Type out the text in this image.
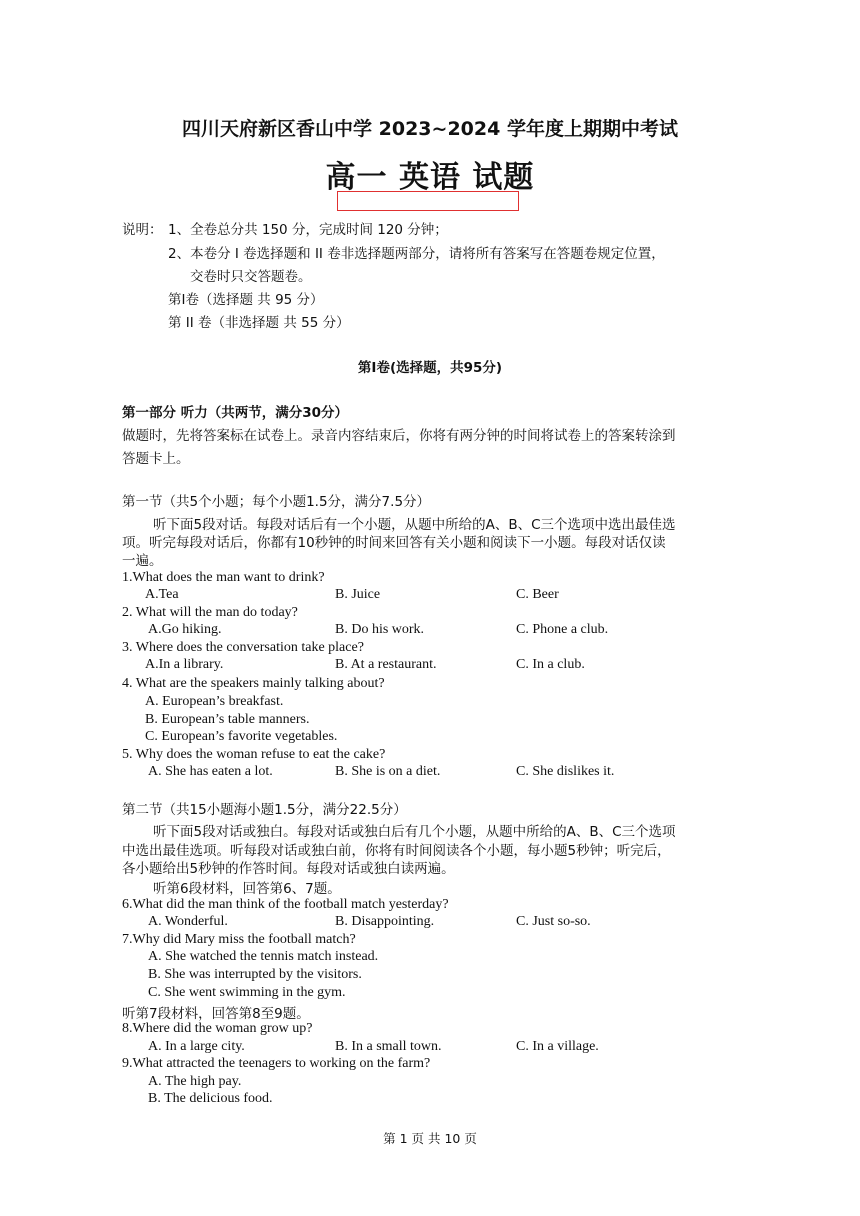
四川天府新区香山中学 2023~2024 学年度上期期中考试
高一 英语 试题
说明： 1、全卷总分共 150 分，完成时间 120 分钟；
2、本卷分 Ⅰ 卷选择题和 II 卷非选择题两部分，请将所有答案写在答题卷规定位置，
交卷时只交答题卷。
第Ⅰ卷（选择题 共 95 分）
第 II 卷（非选择题 共 55 分）
第Ⅰ卷(选择题，共95分)
第一部分 听力（共两节，满分30分）
做题时，先将答案标在试卷上。录音内容结束后，你将有两分钟的时间将试卷上的答案转涂到
答题卡上。
第一节（共5个小题；每个小题1.5分，满分7.5分）
听下面5段对话。每段对话后有一个小题，从题中所给的A、B、C三个选项中选出最佳选
项。听完每段对话后，你都有10秒钟的时间来回答有关小题和阅读下一小题。每段对话仅读
一遍。
1.What does the man want to drink?
A.Tea	B. Juice	C. Beer
2. What will the man do today?
A.Go hiking.	B. Do his work.	C. Phone a club.
3. Where does the conversation take place?
A.In a library.	B. At a restaurant.	C. In a club.
4. What are the speakers mainly talking about?
A. European’s breakfast.
B. European’s table manners.
C. European’s favorite vegetables.
5. Why does the woman refuse to eat the cake?
A. She has eaten a lot.	B. She is on a diet.	C. She dislikes it.
第二节（共15小题海小题1.5分，满分22.5分）
听下面5段对话或独白。每段对话或独白后有几个小题，从题中所给的A、B、C三个选项
中选出最佳选项。听每段对话或独白前，你将有时间阅读各个小题，每小题5秒钟；听完后，
各小题给出5秒钟的作答时间。每段对话或独白读两遍。
听第6段材料，回答第6、7题。
6.What did the man think of the football match yesterday?
A. Wonderful.	B. Disappointing.	C. Just so-so.
7.Why did Mary miss the football match?
A. She watched the tennis match instead.
B. She was interrupted by the visitors.
C. She went swimming in the gym.
听第7段材料，回答第8至9题。
8.Where did the woman grow up?
A. In a large city.	B. In a small town.	C. In a village.
9.What attracted the teenagers to working on the farm?
A. The high pay.
B. The delicious food.
第 1 页 共 10 页
